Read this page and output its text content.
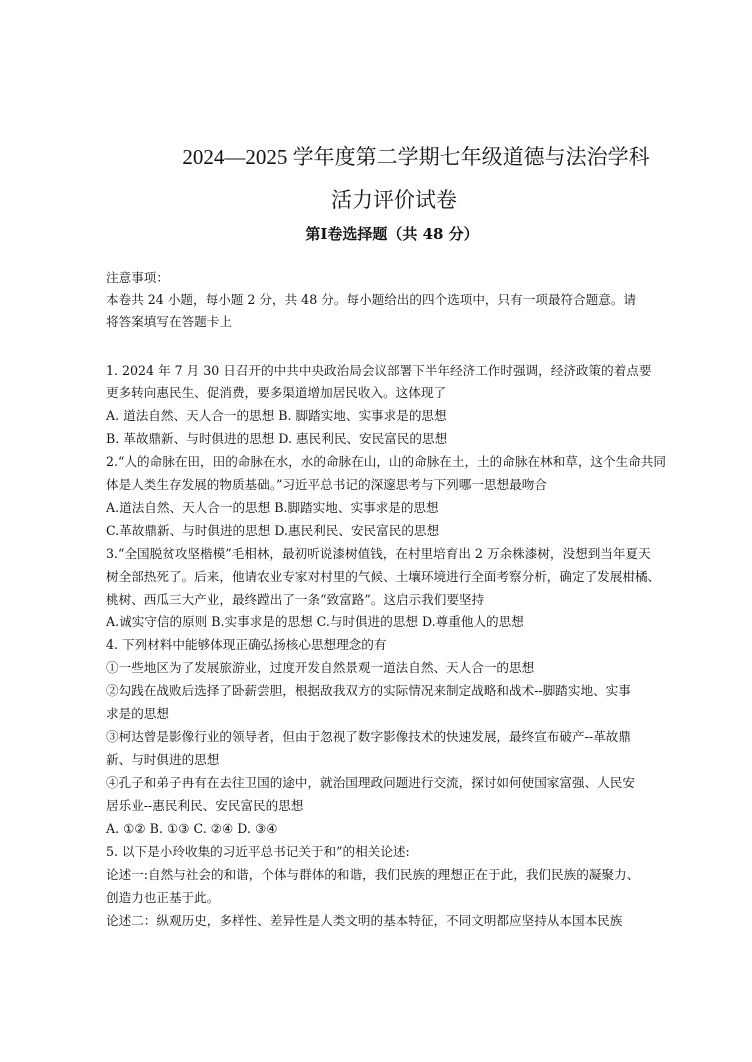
2024—2025 学年度第二学期七年级道德与法治学科
活力评价试卷
第Ⅰ卷选择题（共 48 分）
注意事项：
本卷共 24 小题，每小题 2 分，共 48 分。每小题给出的四个选项中，只有一项最符合题意。请
将答案填写在答题卡上
1. 2024 年 7 月 30 日召开的中共中央政治局会议部署下半年经济工作时强调，经济政策的着点要
更多转向惠民生、促消费，要多渠道增加居民收入。这体现了
A. 道法自然、天人合一的思想 B. 脚踏实地、实事求是的思想
B. 革故鼎新、与时俱进的思想 D. 惠民利民、安民富民的思想
2.“人的命脉在田，田的命脉在水，水的命脉在山，山的命脉在土，土的命脉在林和草，这个生命共同
体是人类生存发展的物质基础。”习近平总书记的深邃思考与下列哪一思想最吻合
A.道法自然、天人合一的思想 B.脚踏实地、实事求是的思想
C.革故鼎新、与时俱进的思想 D.惠民利民、安民富民的思想
3.“全国脱贫攻坚楷模”毛相林，最初听说漆树值钱，在村里培育出 2 万余株漆树，没想到当年夏天
树全部热死了。后来，他请农业专家对村里的气候、土壤环境进行全面考察分析，确定了发展柑橘、
桃树、西瓜三大产业，最终蹚出了一条“致富路”。这启示我们要坚持
A.诚实守信的原则 B.实事求是的思想 C.与时俱进的思想 D.尊重他人的思想
4. 下列材料中能够体现正确弘扬核心思想理念的有
①一些地区为了发展旅游业，过度开发自然景观一道法自然、天人合一的思想
②勾践在战败后选择了卧薪尝胆，根据敌我双方的实际情况来制定战略和战术--脚踏实地、实事
求是的思想
③柯达曾是影像行业的领导者，但由于忽视了数字影像技术的快速发展，最终宣布破产--革故鼎
新、与时俱进的思想
④孔子和弟子冉有在去往卫国的途中，就治国理政问题进行交流，探讨如何使国家富强、人民安
居乐业--惠民利民、安民富民的思想
A. ①② B. ①③ C. ②④ D. ③④
5. 以下是小玲收集的习近平总书记关于和”的相关论述:
论述一:自然与社会的和谐，个体与群体的和谐，我们民族的理想正在于此，我们民族的凝聚力、
创造力也正基于此。
论述二：纵观历史，多样性、差异性是人类文明的基本特征，不同文明都应坚持从本国本民族
